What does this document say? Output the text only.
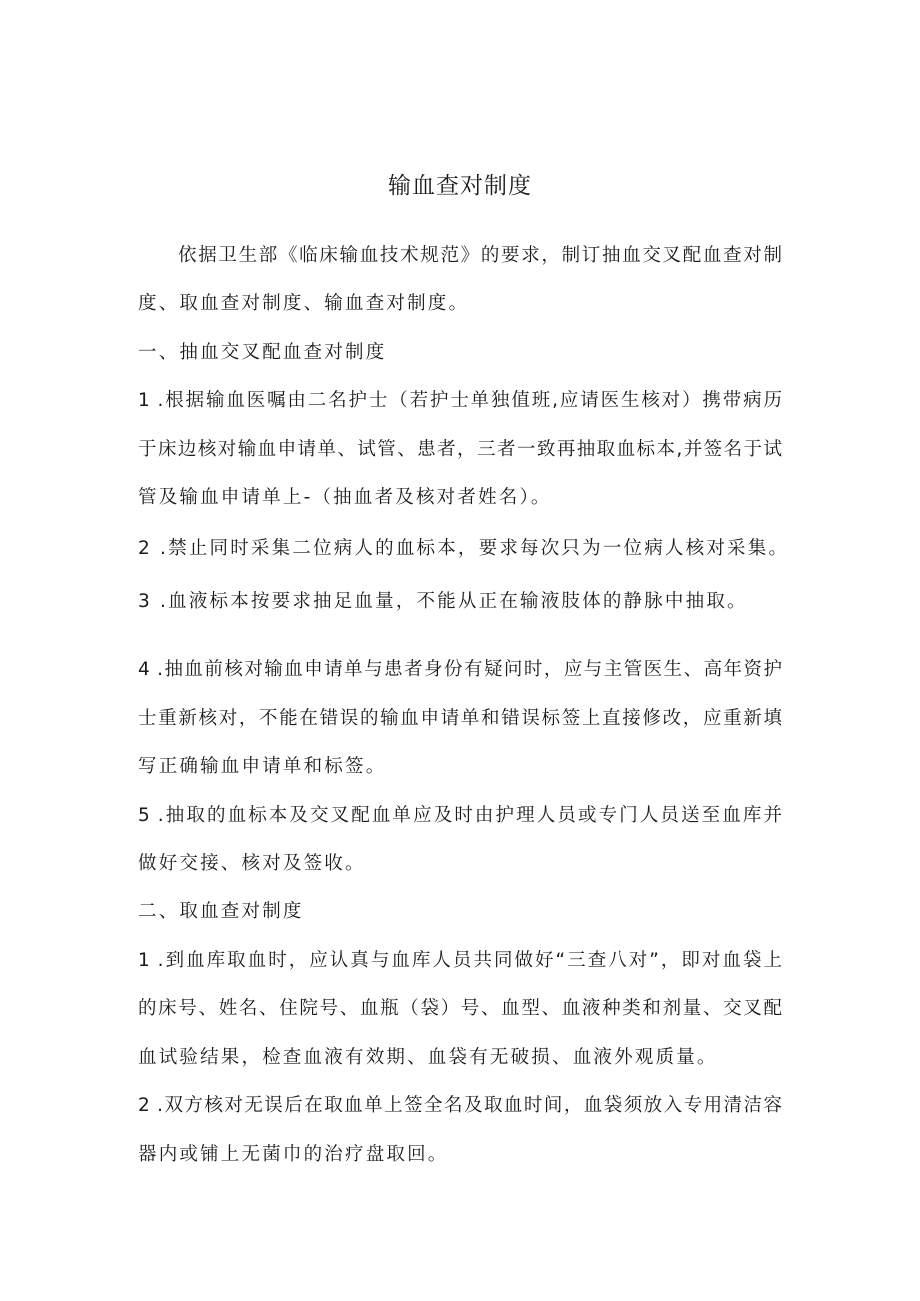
输血查对制度
依据卫生部《临床输血技术规范》的要求，制订抽血交叉配血查对制
度、取血查对制度、输血查对制度。
一、抽血交叉配血查对制度
1 .根据输血医嘱由二名护士（若护士单独值班,应请医生核对）携带病历
于床边核对输血申请单、试管、患者，三者一致再抽取血标本,并签名于试
管及输血申请单上-（抽血者及核对者姓名）。
2 .禁止同时采集二位病人的血标本，要求每次只为一位病人核对采集。
3 .血液标本按要求抽足血量，不能从正在输液肢体的静脉中抽取。
4 .抽血前核对输血申请单与患者身份有疑问时，应与主管医生、高年资护
士重新核对，不能在错误的输血申请单和错误标签上直接修改，应重新填
写正确输血申请单和标签。
5 .抽取的血标本及交叉配血单应及时由护理人员或专门人员送至血库并
做好交接、核对及签收。
二、取血查对制度
1 .到血库取血时，应认真与血库人员共同做好“三查八对”，即对血袋上
的床号、姓名、住院号、血瓶（袋）号、血型、血液种类和剂量、交叉配
血试验结果，检查血液有效期、血袋有无破损、血液外观质量。
2 .双方核对无误后在取血单上签全名及取血时间，血袋须放入专用清洁容
器内或铺上无菌巾的治疗盘取回。
